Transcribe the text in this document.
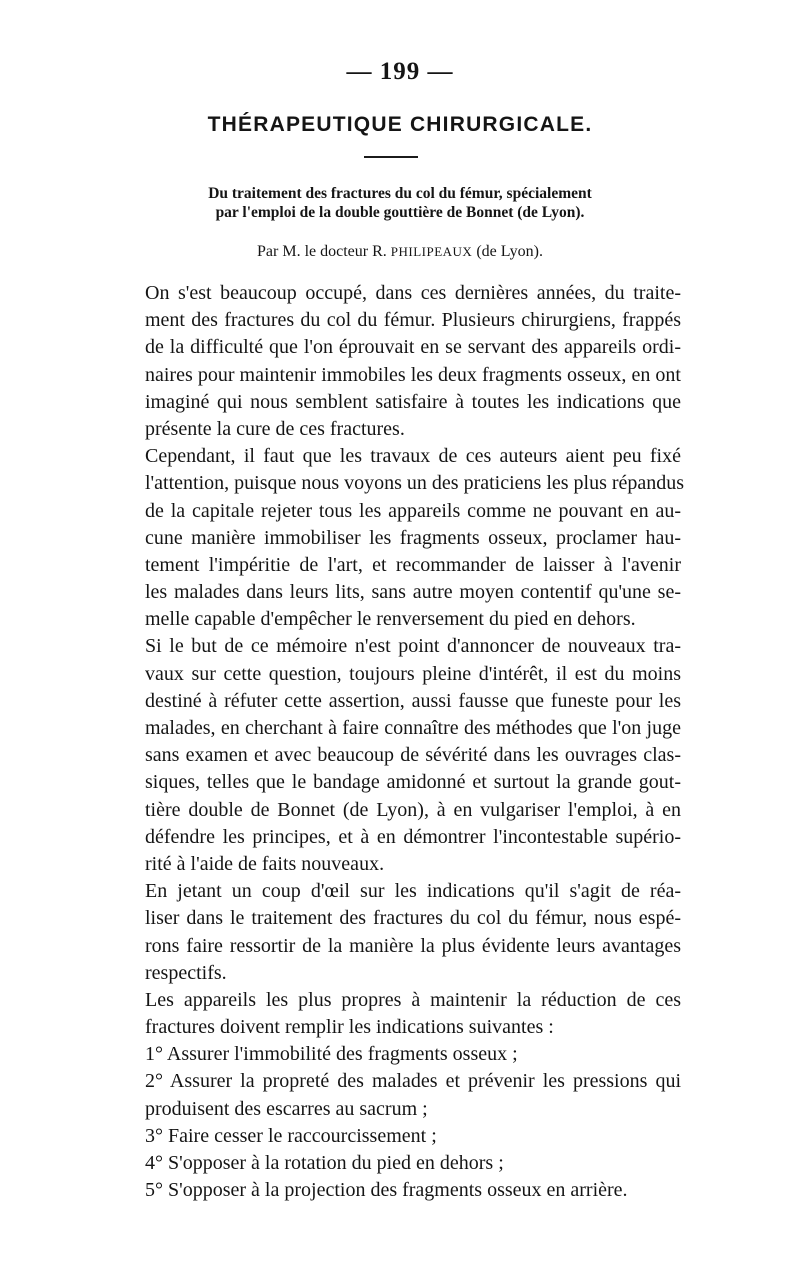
— 199 —
THÉRAPEUTIQUE CHIRURGICALE.
Du traitement des fractures du col du fémur, spécialement
par l'emploi de la double gouttière de Bonnet (de Lyon).
Par M. le docteur R. PHILIPEAUX (de Lyon).
On s'est beaucoup occupé, dans ces dernières années, du traite-
ment des fractures du col du fémur. Plusieurs chirurgiens, frappés
de la difficulté que l'on éprouvait en se servant des appareils ordi-
naires pour maintenir immobiles les deux fragments osseux, en ont
imaginé qui nous semblent satisfaire à toutes les indications que
présente la cure de ces fractures.
Cependant, il faut que les travaux de ces auteurs aient peu fixé
l'attention, puisque nous voyons un des praticiens les plus répandus
de la capitale rejeter tous les appareils comme ne pouvant en au-
cune manière immobiliser les fragments osseux, proclamer hau-
tement l'impéritie de l'art, et recommander de laisser à l'avenir
les malades dans leurs lits, sans autre moyen contentif qu'une se-
melle capable d'empêcher le renversement du pied en dehors.
Si le but de ce mémoire n'est point d'annoncer de nouveaux tra-
vaux sur cette question, toujours pleine d'intérêt, il est du moins
destiné à réfuter cette assertion, aussi fausse que funeste pour les
malades, en cherchant à faire connaître des méthodes que l'on juge
sans examen et avec beaucoup de sévérité dans les ouvrages clas-
siques, telles que le bandage amidonné et surtout la grande gout-
tière double de Bonnet (de Lyon), à en vulgariser l'emploi, à en
défendre les principes, et à en démontrer l'incontestable supério-
rité à l'aide de faits nouveaux.
En jetant un coup d'œil sur les indications qu'il s'agit de réa-
liser dans le traitement des fractures du col du fémur, nous espé-
rons faire ressortir de la manière la plus évidente leurs avantages
respectifs.
Les appareils les plus propres à maintenir la réduction de ces
fractures doivent remplir les indications suivantes :
1° Assurer l'immobilité des fragments osseux ;
2° Assurer la propreté des malades et prévenir les pressions qui
produisent des escarres au sacrum ;
3° Faire cesser le raccourcissement ;
4° S'opposer à la rotation du pied en dehors ;
5° S'opposer à la projection des fragments osseux en arrière.
